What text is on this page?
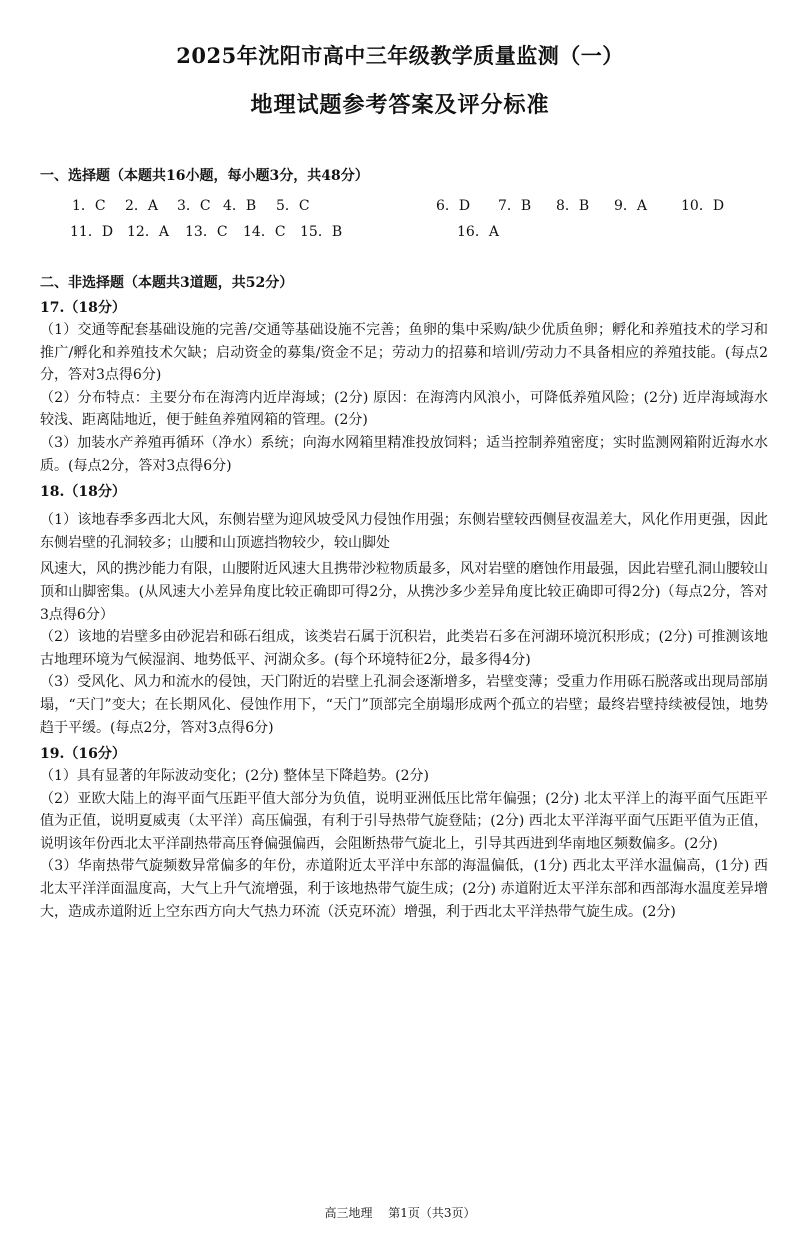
2025年沈阳市高中三年级教学质量监测（一）
地理试题参考答案及评分标准
一、选择题（本题共16小题，每小题3分，共48分）
1．C 2．A 3．C 4．B 5．C	6．D 7．B 8．B 9．A 10．D
11．D 12．A 13．C 14．C 15．B	16．A
二、非选择题（本题共3道题，共52分）
17.（18分）

（1）交通等配套基础设施的完善/交通等基础设施不完善；鱼卵的集中采购/缺少优质鱼卵；孵化和养殖技术的学习和推广/孵化和养殖技术欠缺；启动资金的募集/资金不足；劳动力的招募和培训/劳动力不具备相应的养殖技能。(每点2分，答对3点得6分)

（2）分布特点：主要分布在海湾内近岸海域；(2分) 原因：在海湾内风浪小，可降低养殖风险；(2分) 近岸海域海水较浅、距离陆地近，便于鲑鱼养殖网箱的管理。(2分)

（3）加装水产养殖再循环（净水）系统；向海水网箱里精准投放饲料；适当控制养殖密度；实时监测网箱附近海水水质。(每点2分，答对3点得6分)

18.（18分）

（1）该地春季多西北大风，东侧岩壁为迎风坡受风力侵蚀作用强；东侧岩壁较西侧昼夜温差大，风化作用更强，因此东侧岩壁的孔洞较多；山腰和山顶遮挡物较少，较山脚处

风速大，风的携沙能力有限，山腰附近风速大且携带沙粒物质最多，风对岩壁的磨蚀作用最强，因此岩壁孔洞山腰较山顶和山脚密集。(从风速大小差异角度比较正确即可得2分，从携沙多少差异角度比较正确即可得2分)（每点2分，答对3点得6分）

（2）该地的岩壁多由砂泥岩和砾石组成，该类岩石属于沉积岩，此类岩石多在河湖环境沉积形成；(2分) 可推测该地古地理环境为气候湿润、地势低平、河湖众多。(每个环境特征2分，最多得4分)

（3）受风化、风力和流水的侵蚀，天门附近的岩壁上孔洞会逐渐增多，岩壁变薄；受重力作用砾石脱落或出现局部崩塌，“天门”变大；在长期风化、侵蚀作用下，“天门”顶部完全崩塌形成两个孤立的岩壁；最终岩壁持续被侵蚀，地势趋于平缓。(每点2分，答对3点得6分)

19.（16分）

（1）具有显著的年际波动变化；(2分) 整体呈下降趋势。(2分)

（2）亚欧大陆上的海平面气压距平值大部分为负值，说明亚洲低压比常年偏强；(2分) 北太平洋上的海平面气压距平值为正值，说明夏威夷（太平洋）高压偏强，有利于引导热带气旋登陆；(2分) 西北太平洋海平面气压距平值为正值，说明该年份西北太平洋副热带高压脊偏强偏西，会阻断热带气旋北上，引导其西进到华南地区频数偏多。(2分)

（3）华南热带气旋频数异常偏多的年份，赤道附近太平洋中东部的海温偏低，(1分) 西北太平洋水温偏高，(1分) 西北太平洋洋面温度高，大气上升气流增强，利于该地热带气旋生成；(2分) 赤道附近太平洋东部和西部海水温度差异增大，造成赤道附近上空东西方向大气热力环流（沃克环流）增强，利于西北太平洋热带气旋生成。(2分)

高三地理 第1页（共3页）
